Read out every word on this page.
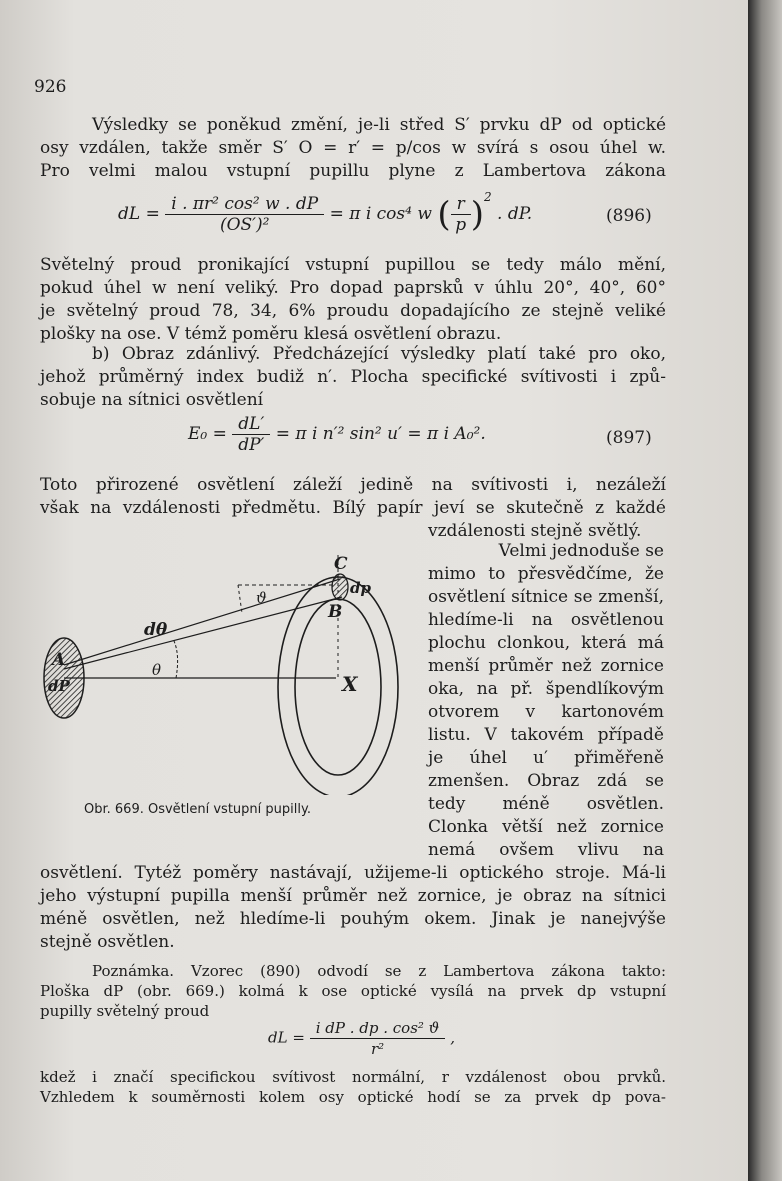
926
Výsledky se poněkud změní, je-li střed S′ prvku dP od optické
osy vzdálen, takže směr S′ O = r′ = p/cos w svírá s osou úhel w.
Pro velmi malou vstupní pupillu plyne z Lambertova zákona
dL = $\frac{\text{i . πr² cos² w . dP}}{\text{(OS′)²}} = \pi$ i cos⁴ w ( $\frac{r}{p} )^2$ . dP.	(896)
Světelný proud pronikající vstupní pupillou se tedy málo mění,
pokud úhel w není veliký. Pro dopad paprsků v úhlu 20°, 40°, 60°
je světelný proud 78, 34, 6% proudu dopadajícího ze stejně veliké
plošky na ose. V témž poměru klesá osvětlení obrazu.
b) Obraz zdánlivý. Předcházející výsledky platí také pro oko,
jehož průměrný index budiž n′. Plocha specifické svítivosti i způ-
sobuje na sítnici osvětlení
$E_0 = \frac{dL'}{dP'} = \pi$ i n′² sin² u′ = π i A₀².	(897)
Toto přirozené osvětlení záleží jedině na svítivosti i, nezáleží
však na vzdálenosti předmětu. Bílý papír jeví se skutečně z každé
vzdálenosti stejně světlý.
A
dP
dθ
θ
ϑ
C
dp
B
X
Obr. 669. Osvětlení vstupní pupilly.
Velmi jednoduše se
mimo to přesvědčíme, že
osvětlení sítnice se zmenší,
hledíme-li na osvětlenou
plochu clonkou, která má
menší průměr než zornice
oka, na př. špendlíkovým
otvorem v kartonovém
listu. V takovém případě
je úhel u′ přiměřeně
zmenšen. Obraz zdá se
tedy méně osvětlen.
Clonka větší než zornice
nemá ovšem vlivu na
osvětlení. Tytéž poměry nastávají, užijeme-li optického stroje. Má-li
jeho výstupní pupilla menší průměr než zornice, je obraz na sítnici
méně osvětlen, než hledíme-li pouhým okem. Jinak je nanejvýše
stejně osvětlen.
Poznámka. Vzorec (890) odvodí se z Lambertova zákona takto:
Ploška dP (obr. 669.) kolmá k ose optické vysílá na prvek dp vstupní
pupilly světelný proud
dL = $\frac{\text{i dP . dp . cos² ϑ}}{\text{r²}}$ ,
kdež i značí specifickou svítivost normální, r vzdálenost obou prvků.
Vzhledem k souměrnosti kolem osy optické hodí se za prvek dp pova-
